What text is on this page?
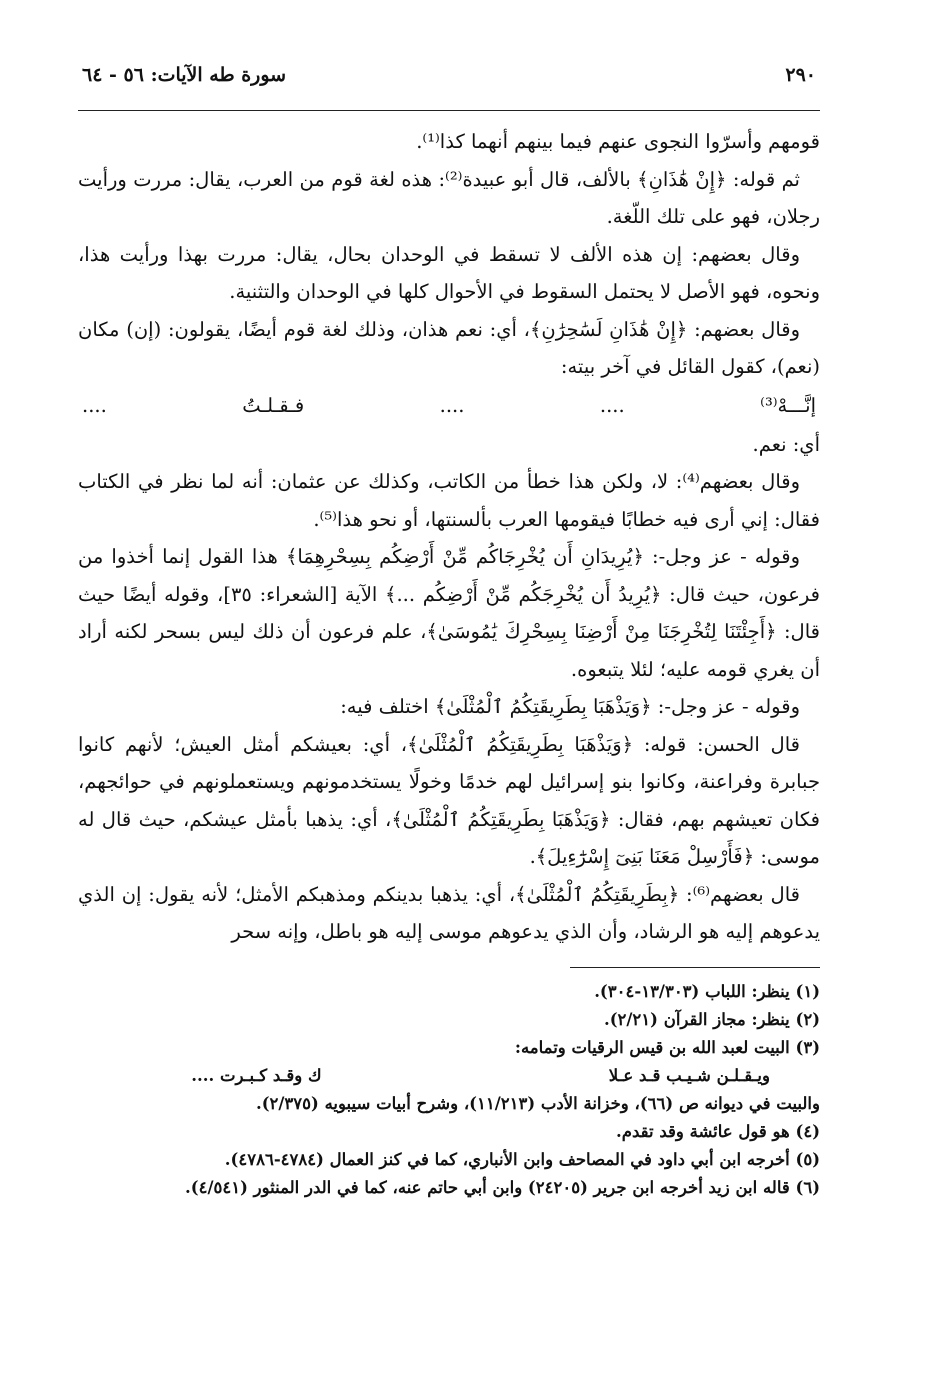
٢٩٠
سورة طه الآيات: ٥٦ - ٦٤

قومهم وأسرّوا النجوى عنهم فيما بينهم أنهما كذا⁽¹⁾.

ثم قوله: ﴿إِنْ هَٰذَانِ﴾ بالألف، قال أبو عبيدة⁽²⁾: هذه لغة قوم من العرب، يقال: مررت ورأيت رجلان، فهو على تلك اللّغة.

وقال بعضهم: إن هذه الألف لا تسقط في الوحدان بحال، يقال: مررت بهذا ورأيت هذا، ونحوه، فهو الأصل لا يحتمل السقوط في الأحوال كلها في الوحدان والتثنية.

وقال بعضهم: ﴿إِنْ هَٰذَانِ لَسَٰحِرَٰنِ﴾، أي: نعم هذان، وذلك لغة قوم أيضًا، يقولون: (إن) مكان (نعم)، كقول القائل في آخر بيته:

إنَّـــهْ⁽³⁾
....
....
فـقـلـتُ
....

أي: نعم.

وقال بعضهم⁽⁴⁾: لا، ولكن هذا خطأ من الكاتب، وكذلك عن عثمان: أنه لما نظر في الكتاب فقال: إني أرى فيه خطابًا فيقومها العرب بألسنتها، أو نحو هذا⁽⁵⁾.

وقوله - عز وجل-: ﴿يُرِيدَانِ أَن يُخْرِجَاكُم مِّنْ أَرْضِكُم بِسِحْرِهِمَا﴾ هذا القول إنما أخذوا من فرعون، حيث قال: ﴿يُرِيدُ أَن يُخْرِجَكُم مِّنْ أَرْضِكُم ...﴾ الآية [الشعراء: ٣٥]، وقوله أيضًا حيث قال: ﴿أَجِئْتَنَا لِتُخْرِجَنَا مِنْ أَرْضِنَا بِسِحْرِكَ يَٰمُوسَىٰ﴾، علم فرعون أن ذلك ليس بسحر لكنه أراد أن يغري قومه عليه؛ لئلا يتبعوه.

وقوله - عز وجل-: ﴿وَيَذْهَبَا بِطَرِيقَتِكُمُ ٱلْمُثْلَىٰ﴾ اختلف فيه:

قال الحسن: قوله: ﴿وَيَذْهَبَا بِطَرِيقَتِكُمُ ٱلْمُثْلَىٰ﴾، أي: بعيشكم أمثل العيش؛ لأنهم كانوا جبابرة وفراعنة، وكانوا بنو إسرائيل لهم خدمًا وخولًا يستخدمونهم ويستعملونهم في حوائجهم، فكان تعيشهم بهم، فقال: ﴿وَيَذْهَبَا بِطَرِيقَتِكُمُ ٱلْمُثْلَىٰ﴾، أي: يذهبا بأمثل عيشكم، حيث قال له موسى: ﴿فَأَرْسِلْ مَعَنَا بَنِىٓ إِسْرَٰٓءِيلَ﴾.

قال بعضهم⁽⁶⁾: ﴿بِطَرِيقَتِكُمُ ٱلْمُثْلَىٰ﴾، أي: يذهبا بدينكم ومذهبكم الأمثل؛ لأنه يقول: إن الذي يدعوهم إليه هو الرشاد، وأن الذي يدعوهم موسى إليه هو باطل، وإنه سحر

(١) ينظر: اللباب (١٣/٣٠٣-٣٠٤).

(٢) ينظر: مجاز القرآن (٢/٢١).

(٣) البيت لعبد الله بن قيس الرقيات وتمامه:

ويـقـلـن شـيـب قـد عـلا
ك وقـد كـبـرت ....

والبيت في ديوانه ص (٦٦)، وخزانة الأدب (١١/٢١٣)، وشرح أبيات سيبويه (٢/٣٧٥).

(٤) هو قول عائشة وقد تقدم.

(٥) أخرجه ابن أبي داود في المصاحف وابن الأنباري، كما في كنز العمال (٤٧٨٤-٤٧٨٦).

(٦) قاله ابن زيد أخرجه ابن جرير (٢٤٢٠٥) وابن أبي حاتم عنه، كما في الدر المنثور (٤/٥٤١).
